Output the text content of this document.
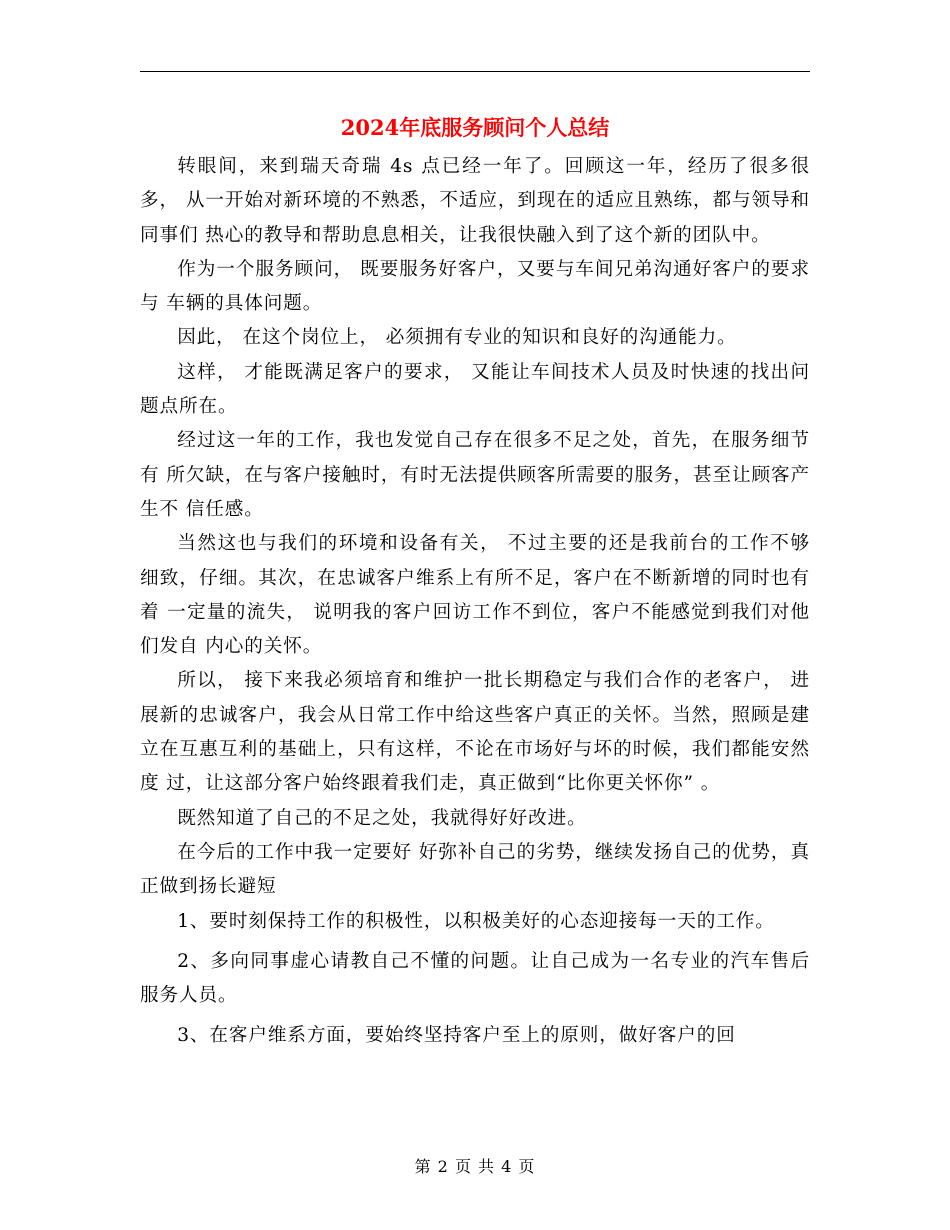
2024年底服务顾问个人总结

转眼间，来到瑞天奇瑞 4s 点已经一年了。回顾这一年，经历了很多很多， 从一开始对新环境的不熟悉，不适应，到现在的适应且熟练，都与领导和同事们 热心的教导和帮助息息相关，让我很快融入到了这个新的团队中。

作为一个服务顾问， 既要服务好客户，又要与车间兄弟沟通好客户的要求与 车辆的具体问题。

因此， 在这个岗位上， 必须拥有专业的知识和良好的沟通能力。

这样， 才能既满足客户的要求， 又能让车间技术人员及时快速的找出问题点所在。

经过这一年的工作，我也发觉自己存在很多不足之处，首先，在服务细节有 所欠缺，在与客户接触时，有时无法提供顾客所需要的服务，甚至让顾客产生不 信任感。

当然这也与我们的环境和设备有关， 不过主要的还是我前台的工作不够 细致，仔细。其次，在忠诚客户维系上有所不足，客户在不断新增的同时也有着 一定量的流失， 说明我的客户回访工作不到位，客户不能感觉到我们对他们发自 内心的关怀。

所以， 接下来我必须培育和维护一批长期稳定与我们合作的老客户， 进展新的忠诚客户，我会从日常工作中给这些客户真正的关怀。当然，照顾是建 立在互惠互利的基础上，只有这样，不论在市场好与坏的时候，我们都能安然度 过，让这部分客户始终跟着我们走，真正做到“比你更关怀你” 。

既然知道了自己的不足之处，我就得好好改进。

在今后的工作中我一定要好 好弥补自己的劣势，继续发扬自己的优势，真正做到扬长避短

1、要时刻保持工作的积极性，以积极美好的心态迎接每一天的工作。

2、多向同事虚心请教自己不懂的问题。让自己成为一名专业的汽车售后 服务人员。

3、在客户维系方面，要始终坚持客户至上的原则，做好客户的回

第 2 页 共 4 页
